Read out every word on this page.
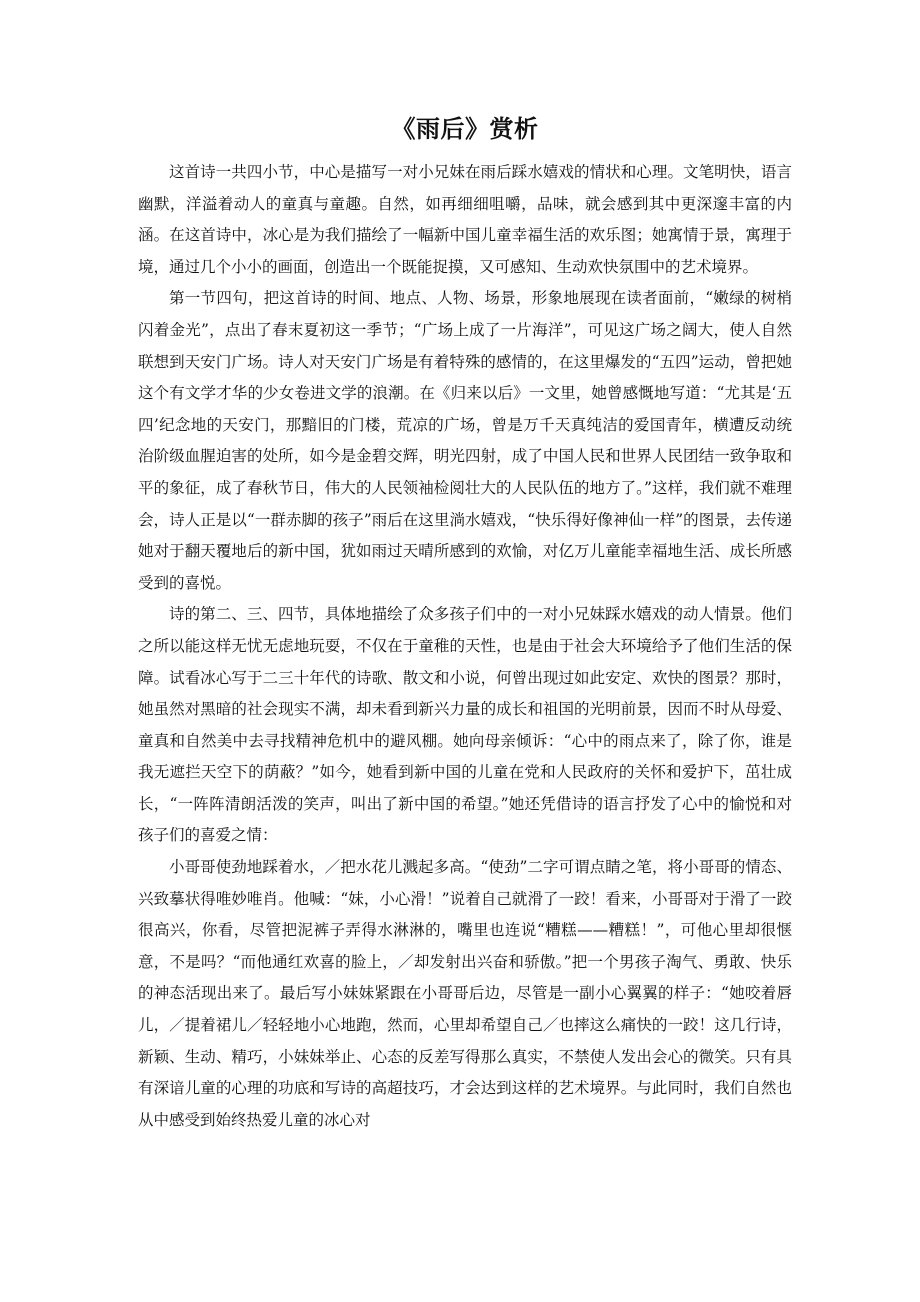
《雨后》赏析

这首诗一共四小节，中心是描写一对小兄妹在雨后踩水嬉戏的情状和心理。文笔明快，语言幽默，洋溢着动人的童真与童趣。自然，如再细细咀嚼，品味，就会感到其中更深邃丰富的内涵。在这首诗中，冰心是为我们描绘了一幅新中国儿童幸福生活的欢乐图；她寓情于景，寓理于境，通过几个小小的画面，创造出一个既能捉摸，又可感知、生动欢快氛围中的艺术境界。

第一节四句，把这首诗的时间、地点、人物、场景，形象地展现在读者面前，“嫩绿的树梢闪着金光”，点出了春末夏初这一季节；“广场上成了一片海洋”，可见这广场之阔大，使人自然联想到天安门广场。诗人对天安门广场是有着特殊的感情的，在这里爆发的“五四”运动，曾把她这个有文学才华的少女卷进文学的浪潮。在《归来以后》一文里，她曾感慨地写道：“尤其是‘五四’纪念地的天安门，那黯旧的门楼，荒凉的广场，曾是万千天真纯洁的爱国青年，横遭反动统治阶级血腥迫害的处所，如今是金碧交辉，明光四射，成了中国人民和世界人民团结一致争取和平的象征，成了春秋节日，伟大的人民领袖检阅壮大的人民队伍的地方了。”这样，我们就不难理会，诗人正是以“一群赤脚的孩子”雨后在这里淌水嬉戏，“快乐得好像神仙一样”的图景，去传递她对于翻天覆地后的新中国，犹如雨过天晴所感到的欢愉，对亿万儿童能幸福地生活、成长所感受到的喜悦。

诗的第二、三、四节，具体地描绘了众多孩子们中的一对小兄妹踩水嬉戏的动人情景。他们之所以能这样无忧无虑地玩耍，不仅在于童稚的天性，也是由于社会大环境给予了他们生活的保障。试看冰心写于二三十年代的诗歌、散文和小说，何曾出现过如此安定、欢快的图景？那时，她虽然对黑暗的社会现实不满，却未看到新兴力量的成长和祖国的光明前景，因而不时从母爱、童真和自然美中去寻找精神危机中的避风棚。她向母亲倾诉：“心中的雨点来了，除了你，谁是我无遮拦天空下的荫蔽？”如今，她看到新中国的儿童在党和人民政府的关怀和爱护下，茁壮成长，“一阵阵清朗活泼的笑声，叫出了新中国的希望。”她还凭借诗的语言抒发了心中的愉悦和对孩子们的喜爱之情：

小哥哥使劲地踩着水，／把水花儿溅起多高。“使劲”二字可谓点睛之笔，将小哥哥的情态、兴致摹状得唯妙唯肖。他喊：“妹，小心滑！”说着自己就滑了一跤！看来，小哥哥对于滑了一跤很高兴，你看，尽管把泥裤子弄得水淋淋的，嘴里也连说“糟糕——糟糕！”，可他心里却很惬意，不是吗？“而他通红欢喜的脸上，／却发射出兴奋和骄傲。”把一个男孩子淘气、勇敢、快乐的神态活现出来了。最后写小妹妹紧跟在小哥哥后边，尽管是一副小心翼翼的样子：“她咬着唇儿，／提着裙儿／轻轻地小心地跑，然而，心里却希望自己／也摔这么痛快的一跤！这几行诗，新颖、生动、精巧，小妹妹举止、心态的反差写得那么真实，不禁使人发出会心的微笑。只有具有深谙儿童的心理的功底和写诗的高超技巧，才会达到这样的艺术境界。与此同时，我们自然也从中感受到始终热爱儿童的冰心对
